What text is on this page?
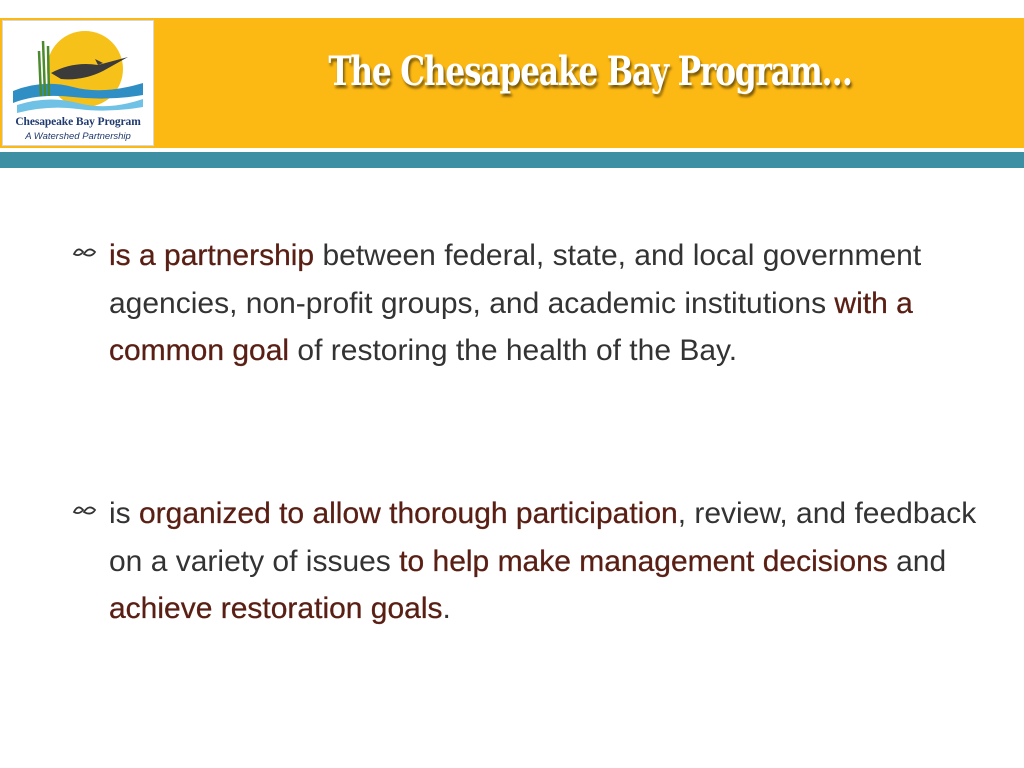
Chesapeake Bay Program
A Watershed Partnership
The Chesapeake Bay Program…
is a partnership between federal, state, and local government agencies, non-profit groups, and academic institutions with a common goal of restoring the health of the Bay.
is organized to allow thorough participation, review, and feedback on a variety of issues to help make management decisions and achieve restoration goals.
